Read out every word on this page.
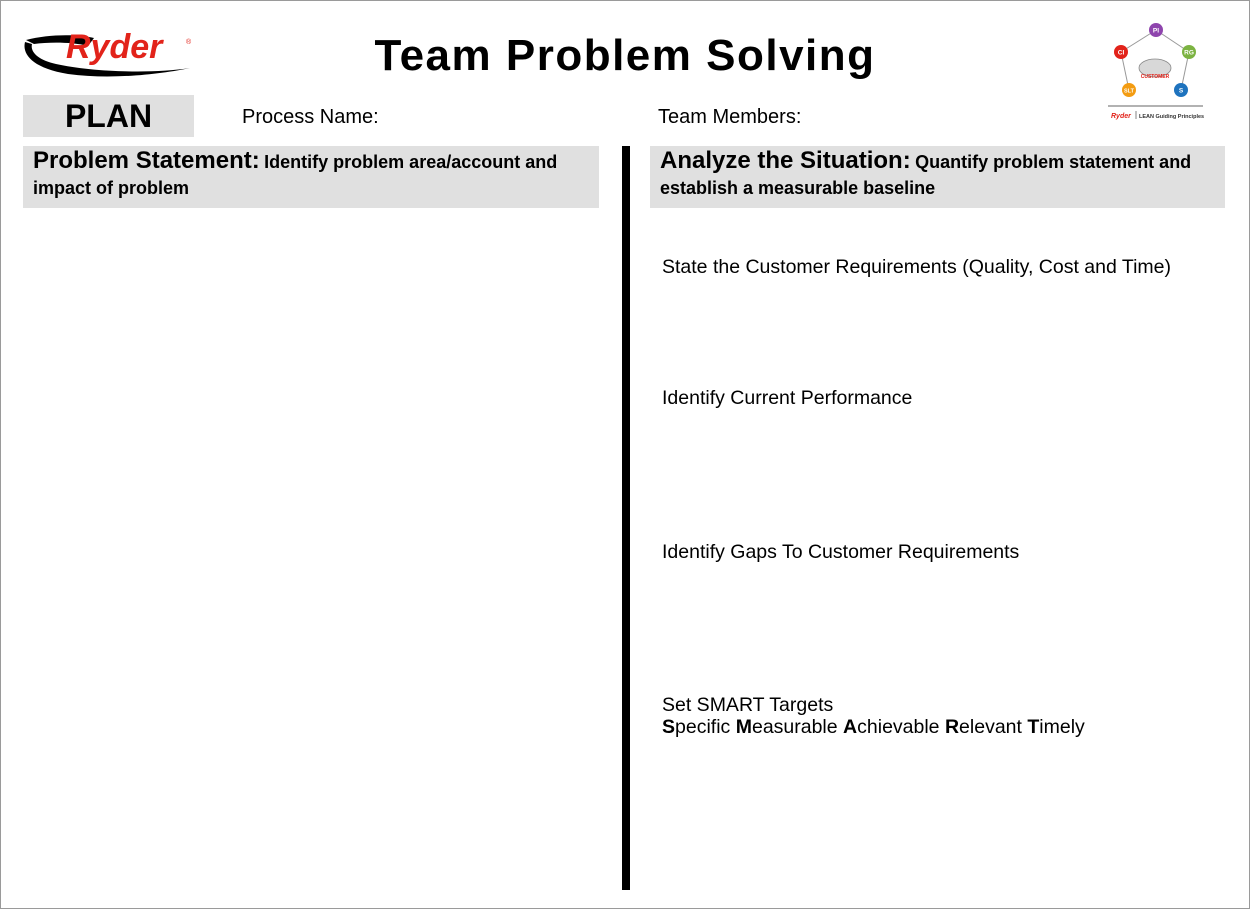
Ryder	®	Team Problem Solving
PLAN	Process Name:	Team Members:
CUSTOMER
PI
CI	RG
SLT	S
Ryder LEAN Guiding Principles
Problem Statement: Identify problem area/account and impact of problem
Analyze the Situation: Quantify problem statement and establish a measurable baseline
State the Customer Requirements (Quality, Cost and Time)
Identify Current Performance
Identify Gaps To Customer Requirements
Set SMART Targets
Specific Measurable Achievable Relevant Timely
